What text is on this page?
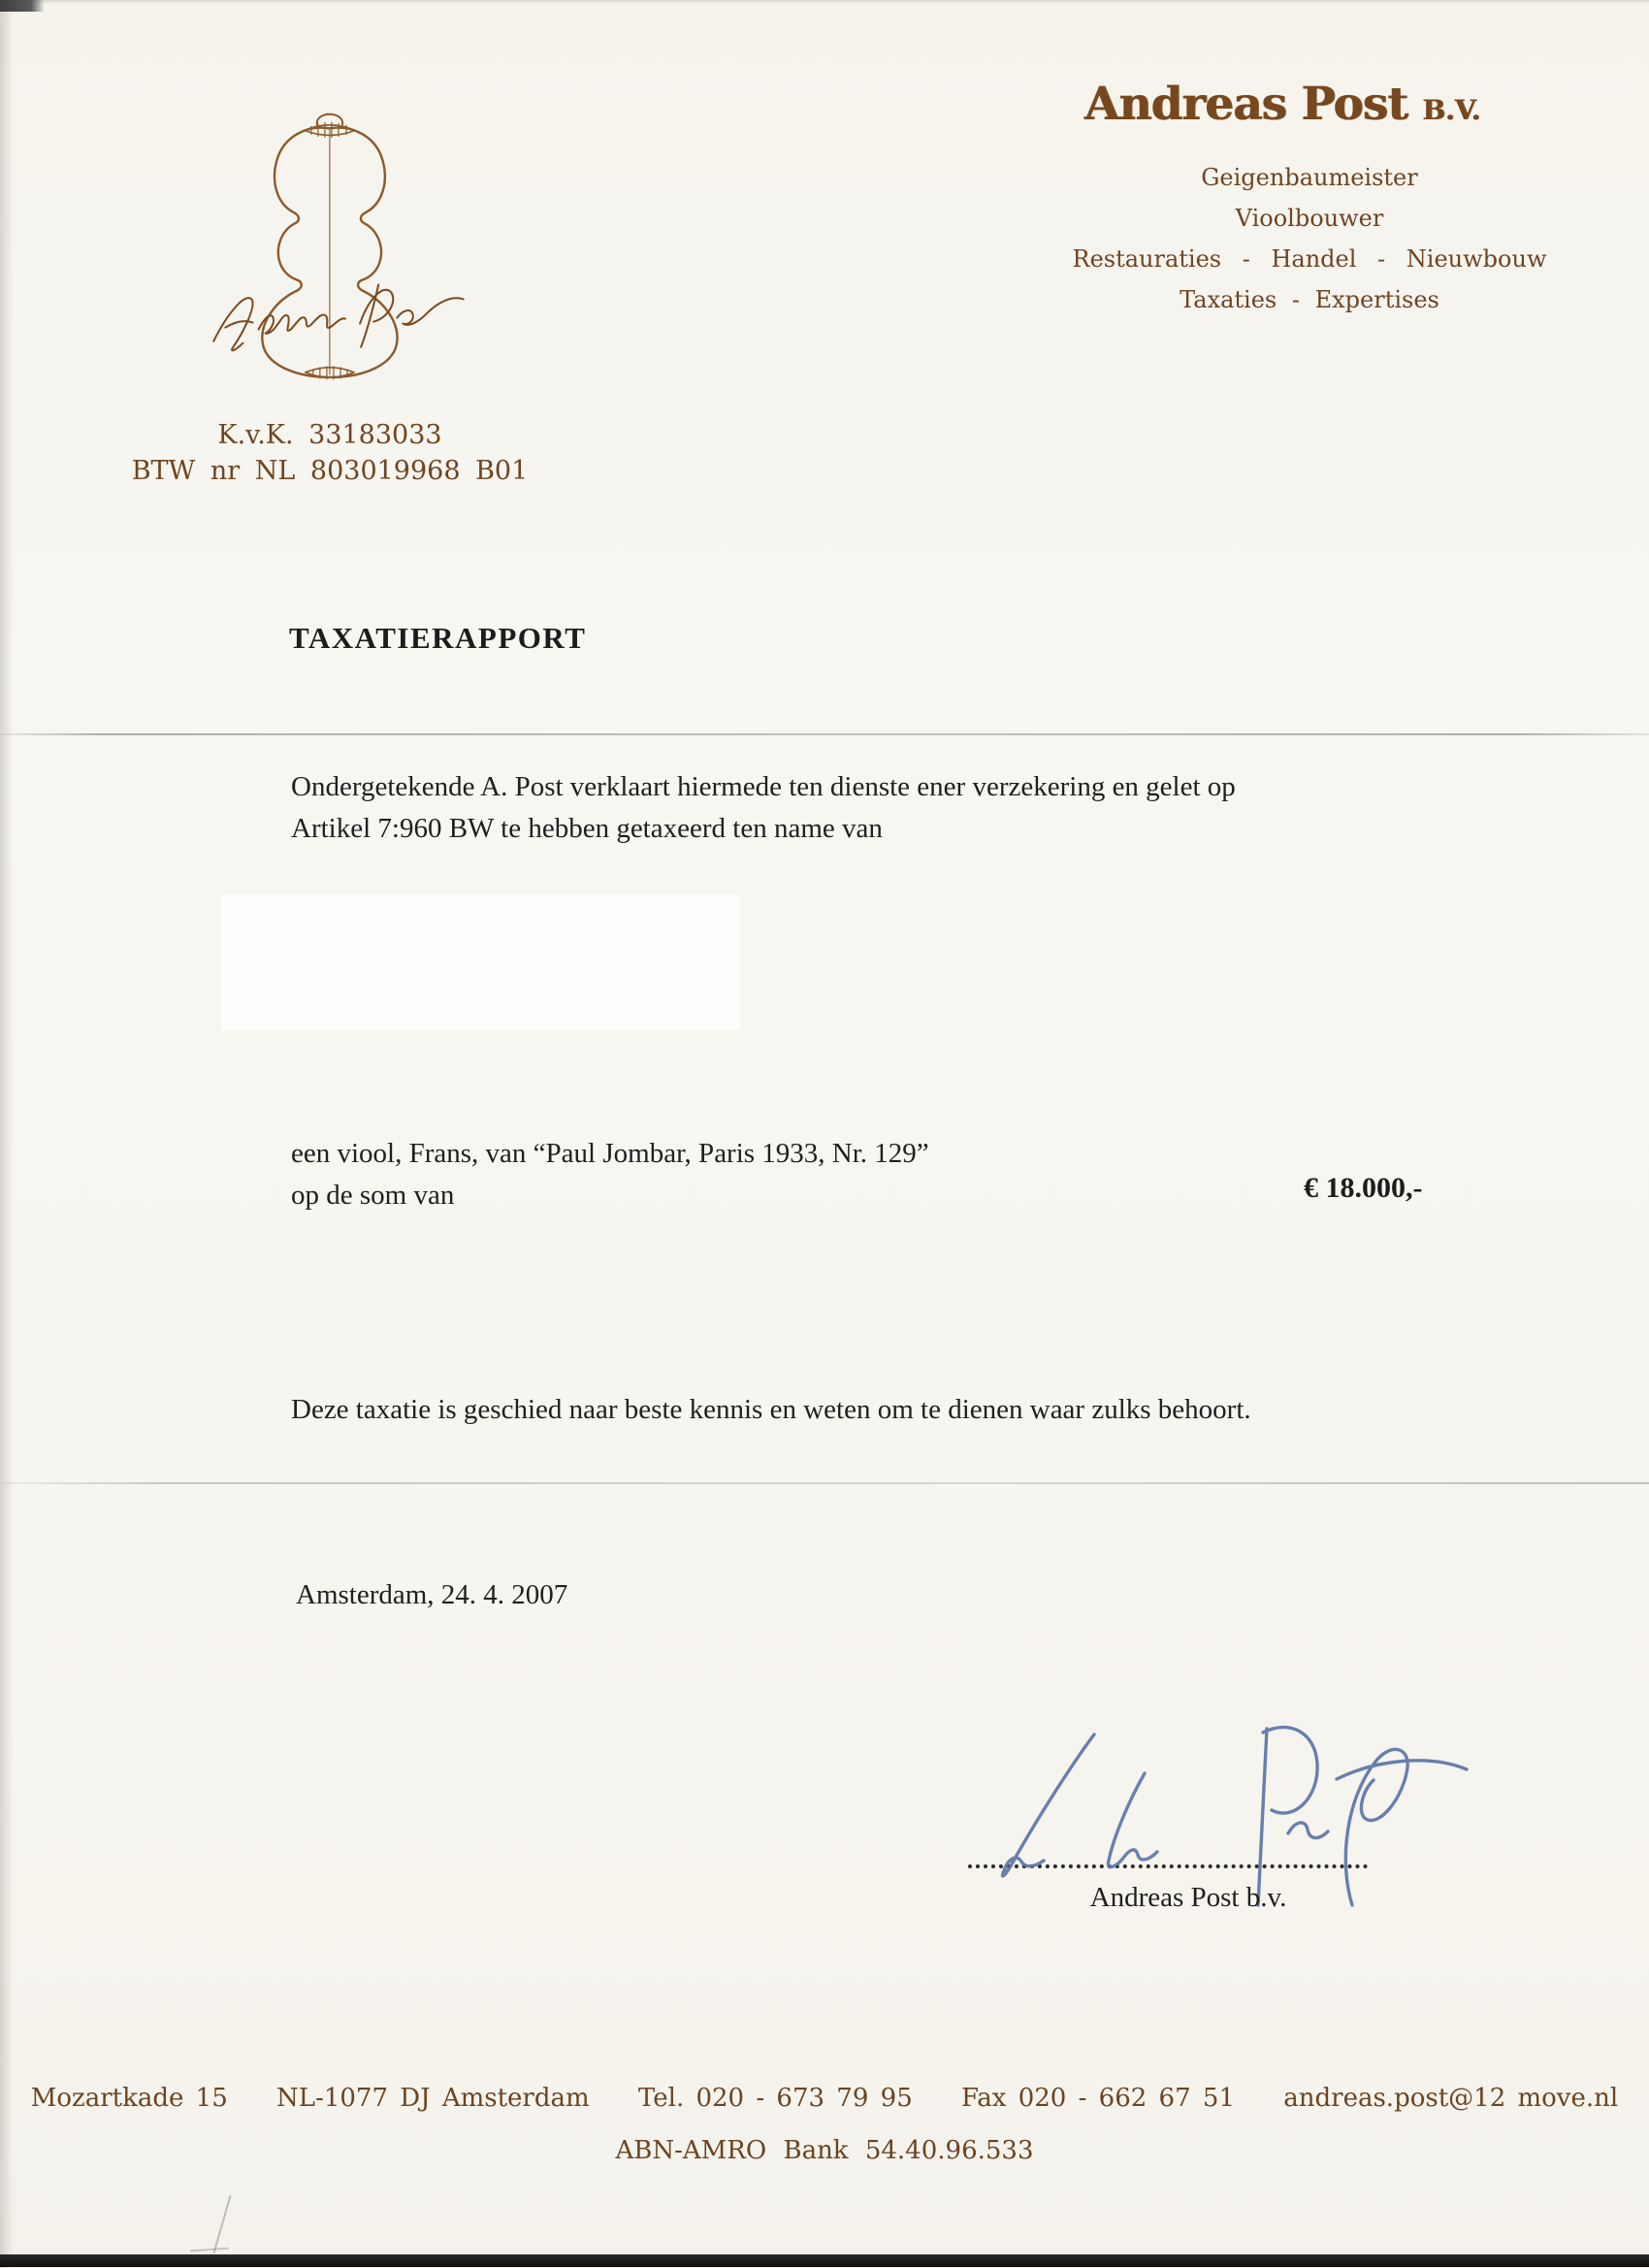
Andreas Post B.V.
Geigenbaumeister
Vioolbouwer
Restauraties - Handel - Nieuwbouw
Taxaties - Expertises
K.v.K. 33183033
BTW nr NL 803019968 B01
TAXATIERAPPORT
Ondergetekende A. Post verklaart hiermede ten dienste ener verzekering en gelet op
Artikel 7:960 BW te hebben getaxeerd ten name van
een viool, Frans, van “Paul Jombar, Paris 1933, Nr. 129”
op de som van	€ 18.000,-
Deze taxatie is geschied naar beste kennis en weten om te dienen waar zulks behoort.
Amsterdam, 24. 4. 2007
Andreas Post b.v.
Mozartkade 15 NL-1077 DJ Amsterdam Tel. 020 - 673 79 95 Fax 020 - 662 67 51 andreas.post@12 move.nl
ABN-AMRO Bank 54.40.96.533
